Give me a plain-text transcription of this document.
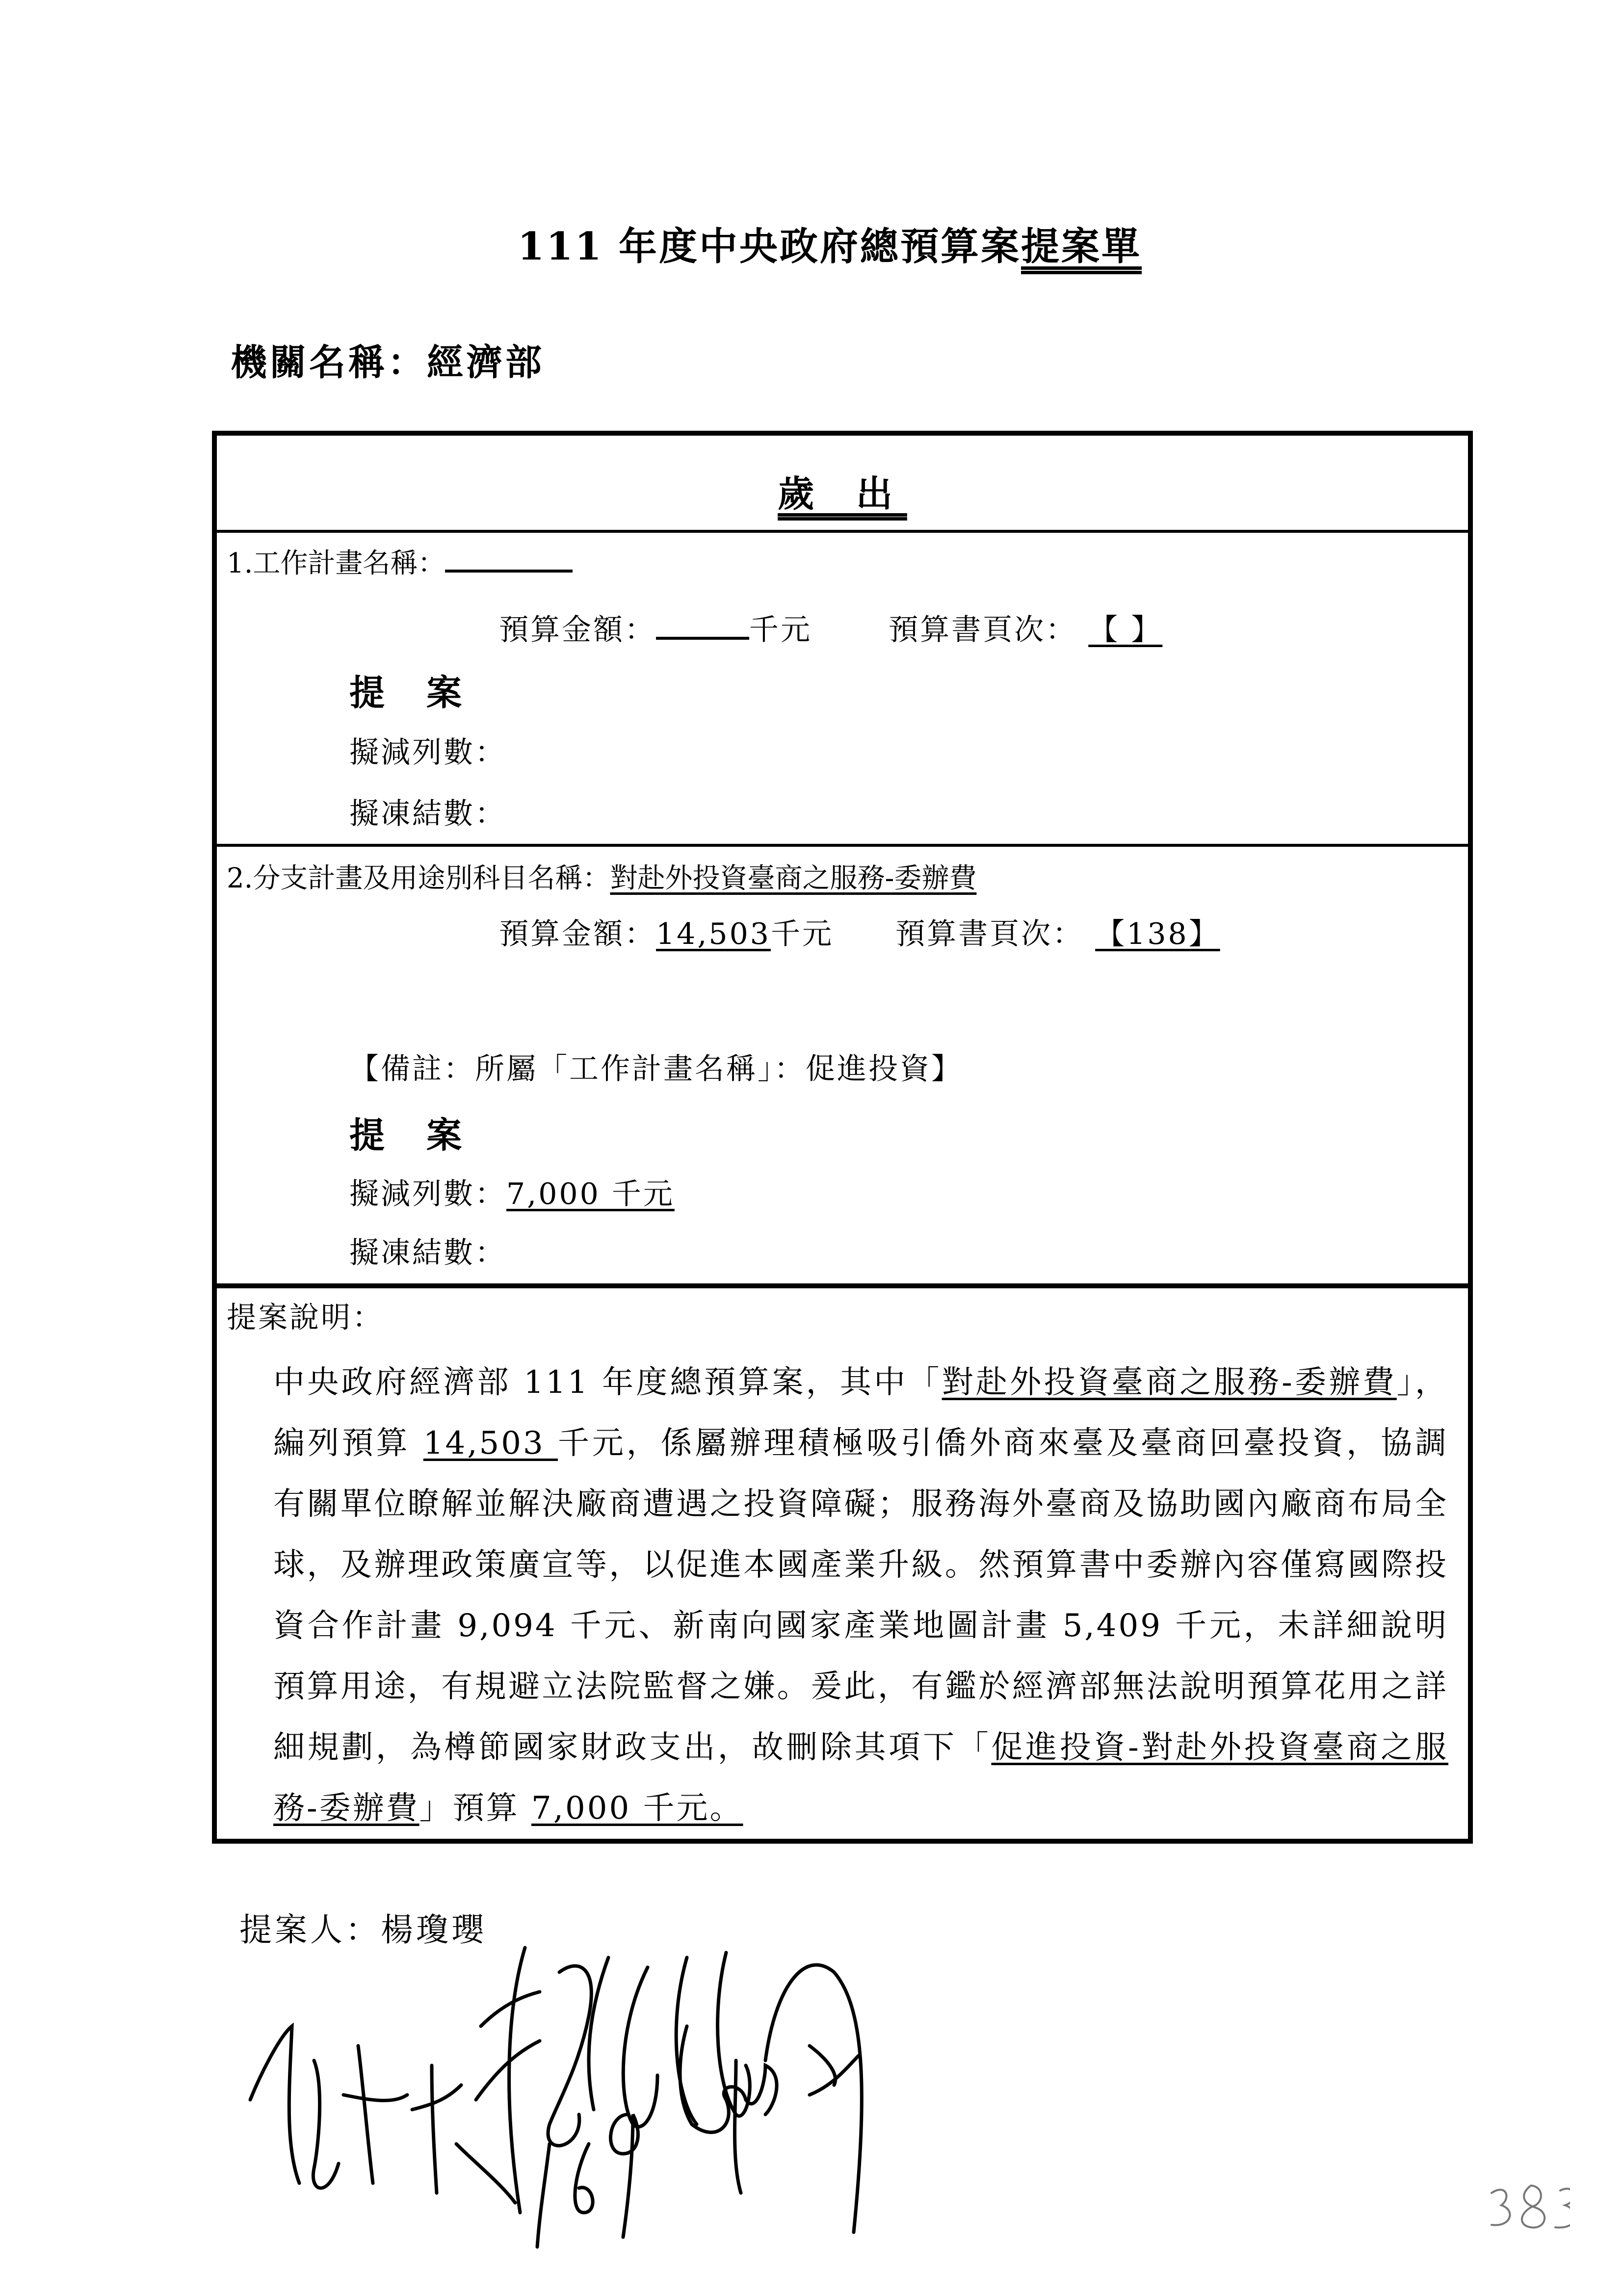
111 年度中央政府總預算案提案單
機關名稱：經濟部
歲 出
1.工作計畫名稱：
預算金額：	千元	預算書頁次： 【 】
提 案
擬減列數：
擬凍結數：
2.分支計畫及用途別科目名稱：對赴外投資臺商之服務-委辦費
預算金額：14,503千元 預算書頁次： 【138】
【備註：所屬「工作計畫名稱」：促進投資】
提 案
擬減列數：7,000 千元
擬凍結數：
提案說明：
中央政府經濟部 111 年度總預算案，其中「對赴外投資臺商之服務-委辦費」，編列預算 14,503 千元，係屬辦理積極吸引僑外商來臺及臺商回臺投資，協調有關單位瞭解並解決廠商遭遇之投資障礙；服務海外臺商及協助國內廠商布局全球，及辦理政策廣宣等，以促進本國產業升級。然預算書中委辦內容僅寫國際投資合作計畫 9,094 千元、新南向國家產業地圖計畫 5,409 千元，未詳細說明預算用途，有規避立法院監督之嫌。爰此，有鑑於經濟部無法說明預算花用之詳細規劃，為樽節國家財政支出，故刪除其項下「促進投資-對赴外投資臺商之服務-委辦費」預算 7,000 千元。
提案人：楊瓊瓔
